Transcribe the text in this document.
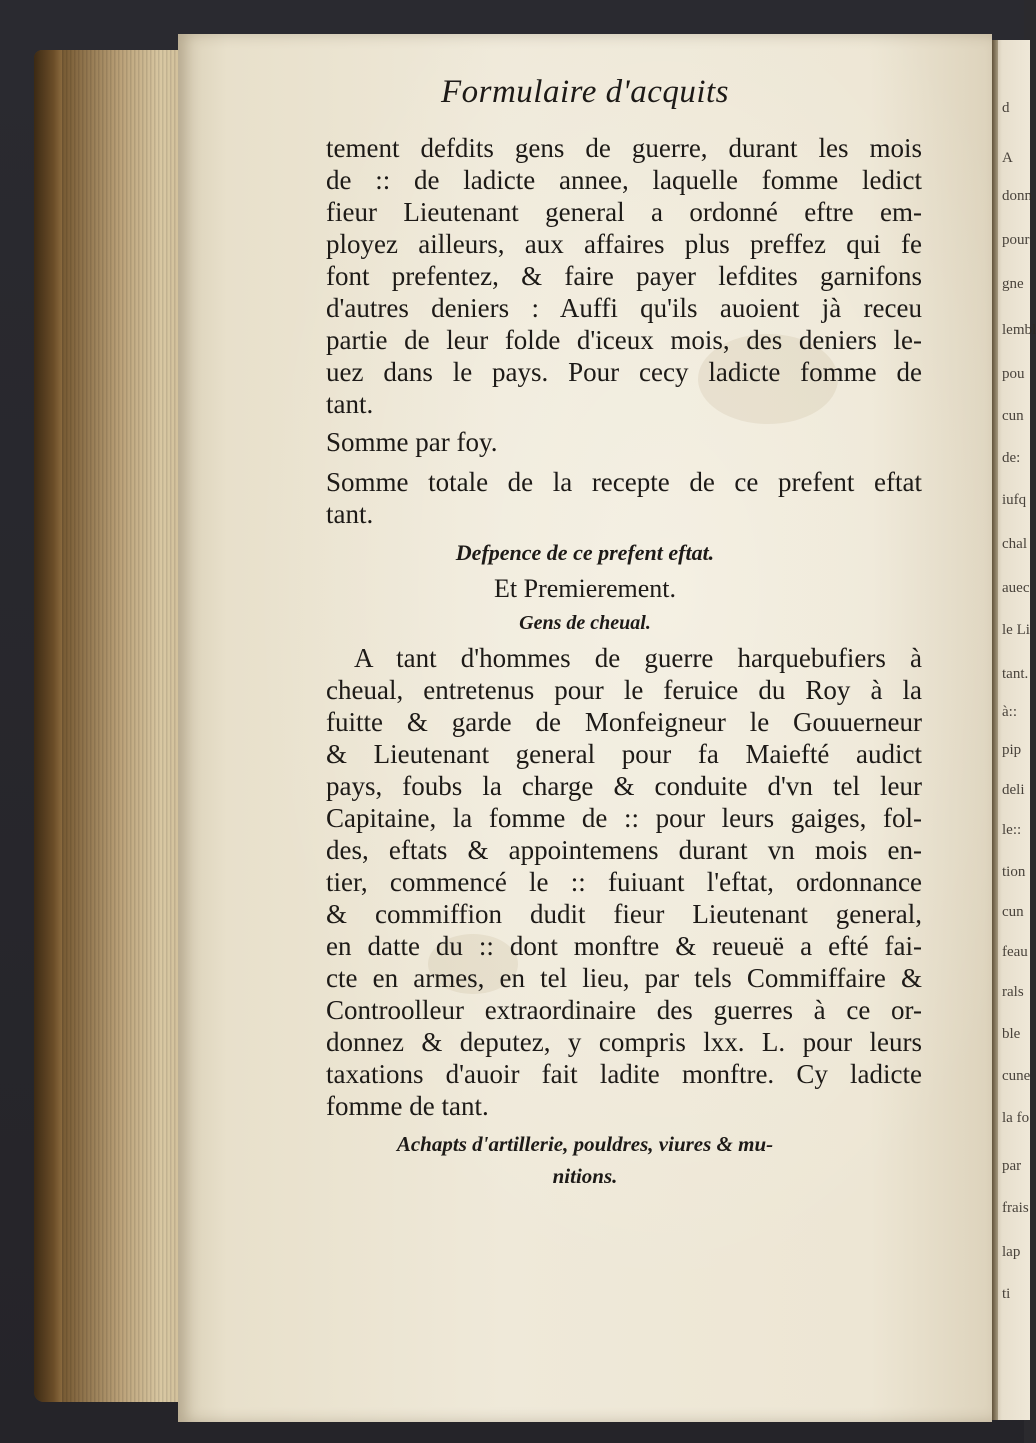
d
A
donn
pour
gne
lembl
pou
cun
de:
iufq
chal
auec
le Li
tant.
à::
pip
deli
le::
tion
cun
feau
rals
ble
cune
la fo
par
frais
lap
ti
Formulaire d'acquits
tement defdits gens de guerre, durant les mois
de :: de ladicte annee, laquelle fomme ledict
fieur Lieutenant general a ordonné eftre em-
ployez ailleurs, aux affaires plus preffez qui fe
font prefentez, & faire payer lefdites garnifons
d'autres deniers : Auffi qu'ils auoient jà receu
partie de leur folde d'iceux mois, des deniers le-
uez dans le pays. Pour cecy ladicte fomme de
tant.
Somme par foy.
Somme totale de la recepte de ce prefent eftat
tant.
Defpence de ce prefent eftat.
Et Premierement.
Gens de cheual.
A tant d'hommes de guerre harquebufiers à
cheual, entretenus pour le feruice du Roy à la
fuitte & garde de Monfeigneur le Gouuerneur
& Lieutenant general pour fa Maiefté audict
pays, foubs la charge & conduite d'vn tel leur
Capitaine, la fomme de :: pour leurs gaiges, fol-
des, eftats & appointemens durant vn mois en-
tier, commencé le :: fuiuant l'eftat, ordonnance
& commiffion dudit fieur Lieutenant general,
en datte du :: dont monftre & reueuë a efté fai-
cte en armes, en tel lieu, par tels Commiffaire &
Controolleur extraordinaire des guerres à ce or-
donnez & deputez, y compris lxx. L. pour leurs
taxations d'auoir fait ladite monftre. Cy ladicte
fomme de tant.
Achapts d'artillerie, pouldres, viures & mu-
nitions.
